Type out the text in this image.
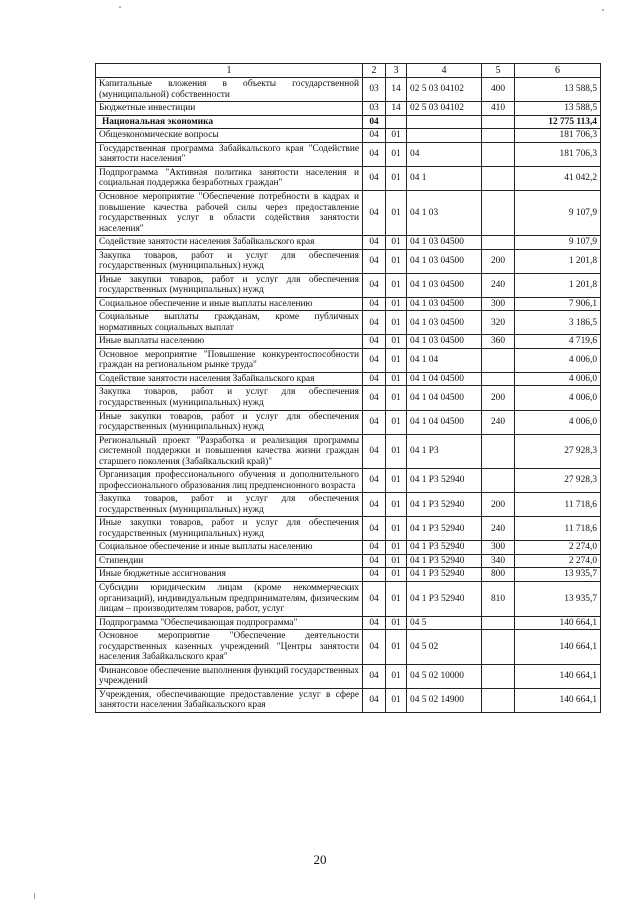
1	2	3	4	5	6
Капитальные вложения в объекты государственной (муниципальной) собственности	03	14	02 5 03 04102	400	13 588,5
Бюджетные инвестиции	03	14	02 5 03 04102	410	13 588,5
Национальная экономика	04				12 775 113,4
Общеэкономические вопросы	04	01			181 706,3
Государственная программа Забайкальского края "Содействие занятости населения"	04	01	04		181 706,3
Подпрограмма "Активная политика занятости населения и социальная поддержка безработных граждан"	04	01	04 1		41 042,2
Основное мероприятие "Обеспечение потребности в кадрах и повышение качества рабочей силы через предоставление государственных услуг в области содействия занятости населения"	04	01	04 1 03		9 107,9
Содействие занятости населения Забайкальского края	04	01	04 1 03 04500		9 107,9
Закупка товаров, работ и услуг для обеспечения государственных (муниципальных) нужд	04	01	04 1 03 04500	200	1 201,8
Иные закупки товаров, работ и услуг для обеспечения государственных (муниципальных) нужд	04	01	04 1 03 04500	240	1 201,8
Социальное обеспечение и иные выплаты населению	04	01	04 1 03 04500	300	7 906,1
Социальные выплаты гражданам, кроме публичных нормативных социальных выплат	04	01	04 1 03 04500	320	3 186,5
Иные выплаты населению	04	01	04 1 03 04500	360	4 719,6
Основное мероприятие "Повышение конкурентоспособности граждан на региональном рынке труда"	04	01	04 1 04		4 006,0
Содействие занятости населения Забайкальского края	04	01	04 1 04 04500		4 006,0
Закупка товаров, работ и услуг для обеспечения государственных (муниципальных) нужд	04	01	04 1 04 04500	200	4 006,0
Иные закупки товаров, работ и услуг для обеспечения государственных (муниципальных) нужд	04	01	04 1 04 04500	240	4 006,0
Региональный проект "Разработка и реализация программы системной поддержки и повышения качества жизни граждан старшего поколения (Забайкальский край)"	04	01	04 1 P3		27 928,3
Организация профессионального обучения и дополнительного профессионального образования лиц предпенсионного возраста	04	01	04 1 P3 52940		27 928,3
Закупка товаров, работ и услуг для обеспечения государственных (муниципальных) нужд	04	01	04 1 P3 52940	200	11 718,6
Иные закупки товаров, работ и услуг для обеспечения государственных (муниципальных) нужд	04	01	04 1 P3 52940	240	11 718,6
Социальное обеспечение и иные выплаты населению	04	01	04 1 P3 52940	300	2 274,0
Стипендии	04	01	04 1 P3 52940	340	2 274,0
Иные бюджетные ассигнования	04	01	04 1 P3 52940	800	13 935,7
Субсидии юридическим лицам (кроме некоммерческих организаций), индивидуальным предпринимателям, физическим лицам – производителям товаров, работ, услуг	04	01	04 1 P3 52940	810	13 935,7
Подпрограмма "Обеспечивающая подпрограмма"	04	01	04 5		140 664,1
Основное мероприятие "Обеспечение деятельности государственных казенных учреждений "Центры занятости населения Забайкальского края"	04	01	04 5 02		140 664,1
Финансовое обеспечение выполнения функций государственных учреждений	04	01	04 5 02 10000		140 664,1
Учреждения, обеспечивающие предоставление услуг в сфере занятости населения Забайкальского края	04	01	04 5 02 14900		140 664,1
20
